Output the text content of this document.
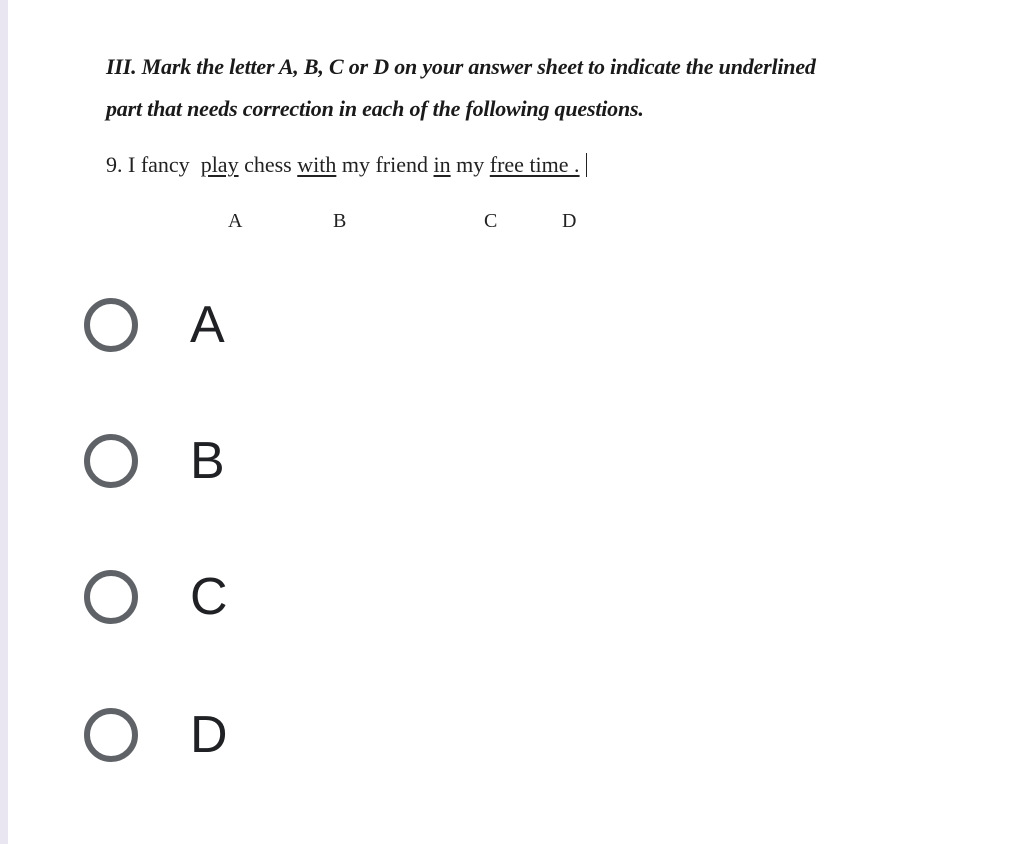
III. Mark the letter A, B, C or D on your answer sheet to indicate the underlined
part that needs correction in each of the following questions.
9. I fancy play chess with my friend in my free time .
A	B	C	D
A
B
C
D
